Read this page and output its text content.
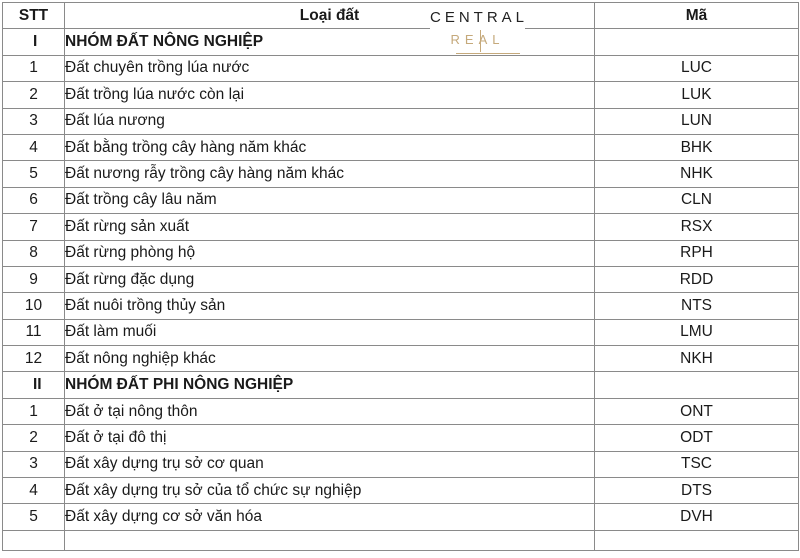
STT	Loại đất	Mã
I	NHÓM ĐẤT NÔNG NGHIỆP	
1	Đất chuyên trồng lúa nước	LUC
2	Đất trồng lúa nước còn lại	LUK
3	Đất lúa nương	LUN
4	Đất bằng trồng cây hàng năm khác	BHK
5	Đất nương rẫy trồng cây hàng năm khác	NHK
6	Đất trồng cây lâu năm	CLN
7	Đất rừng sản xuất	RSX
8	Đất rừng phòng hộ	RPH
9	Đất rừng đặc dụng	RDD
10	Đất nuôi trồng thủy sản	NTS
11	Đất làm muối	LMU
12	Đất nông nghiệp khác	NKH
II	NHÓM ĐẤT PHI NÔNG NGHIỆP	
1	Đất ở tại nông thôn	ONT
2	Đất ở tại đô thị	ODT
3	Đất xây dựng trụ sở cơ quan	TSC
4	Đất xây dựng trụ sở của tổ chức sự nghiệp	DTS
5	Đất xây dựng cơ sở văn hóa	DVH

CENTRAL
REAL
